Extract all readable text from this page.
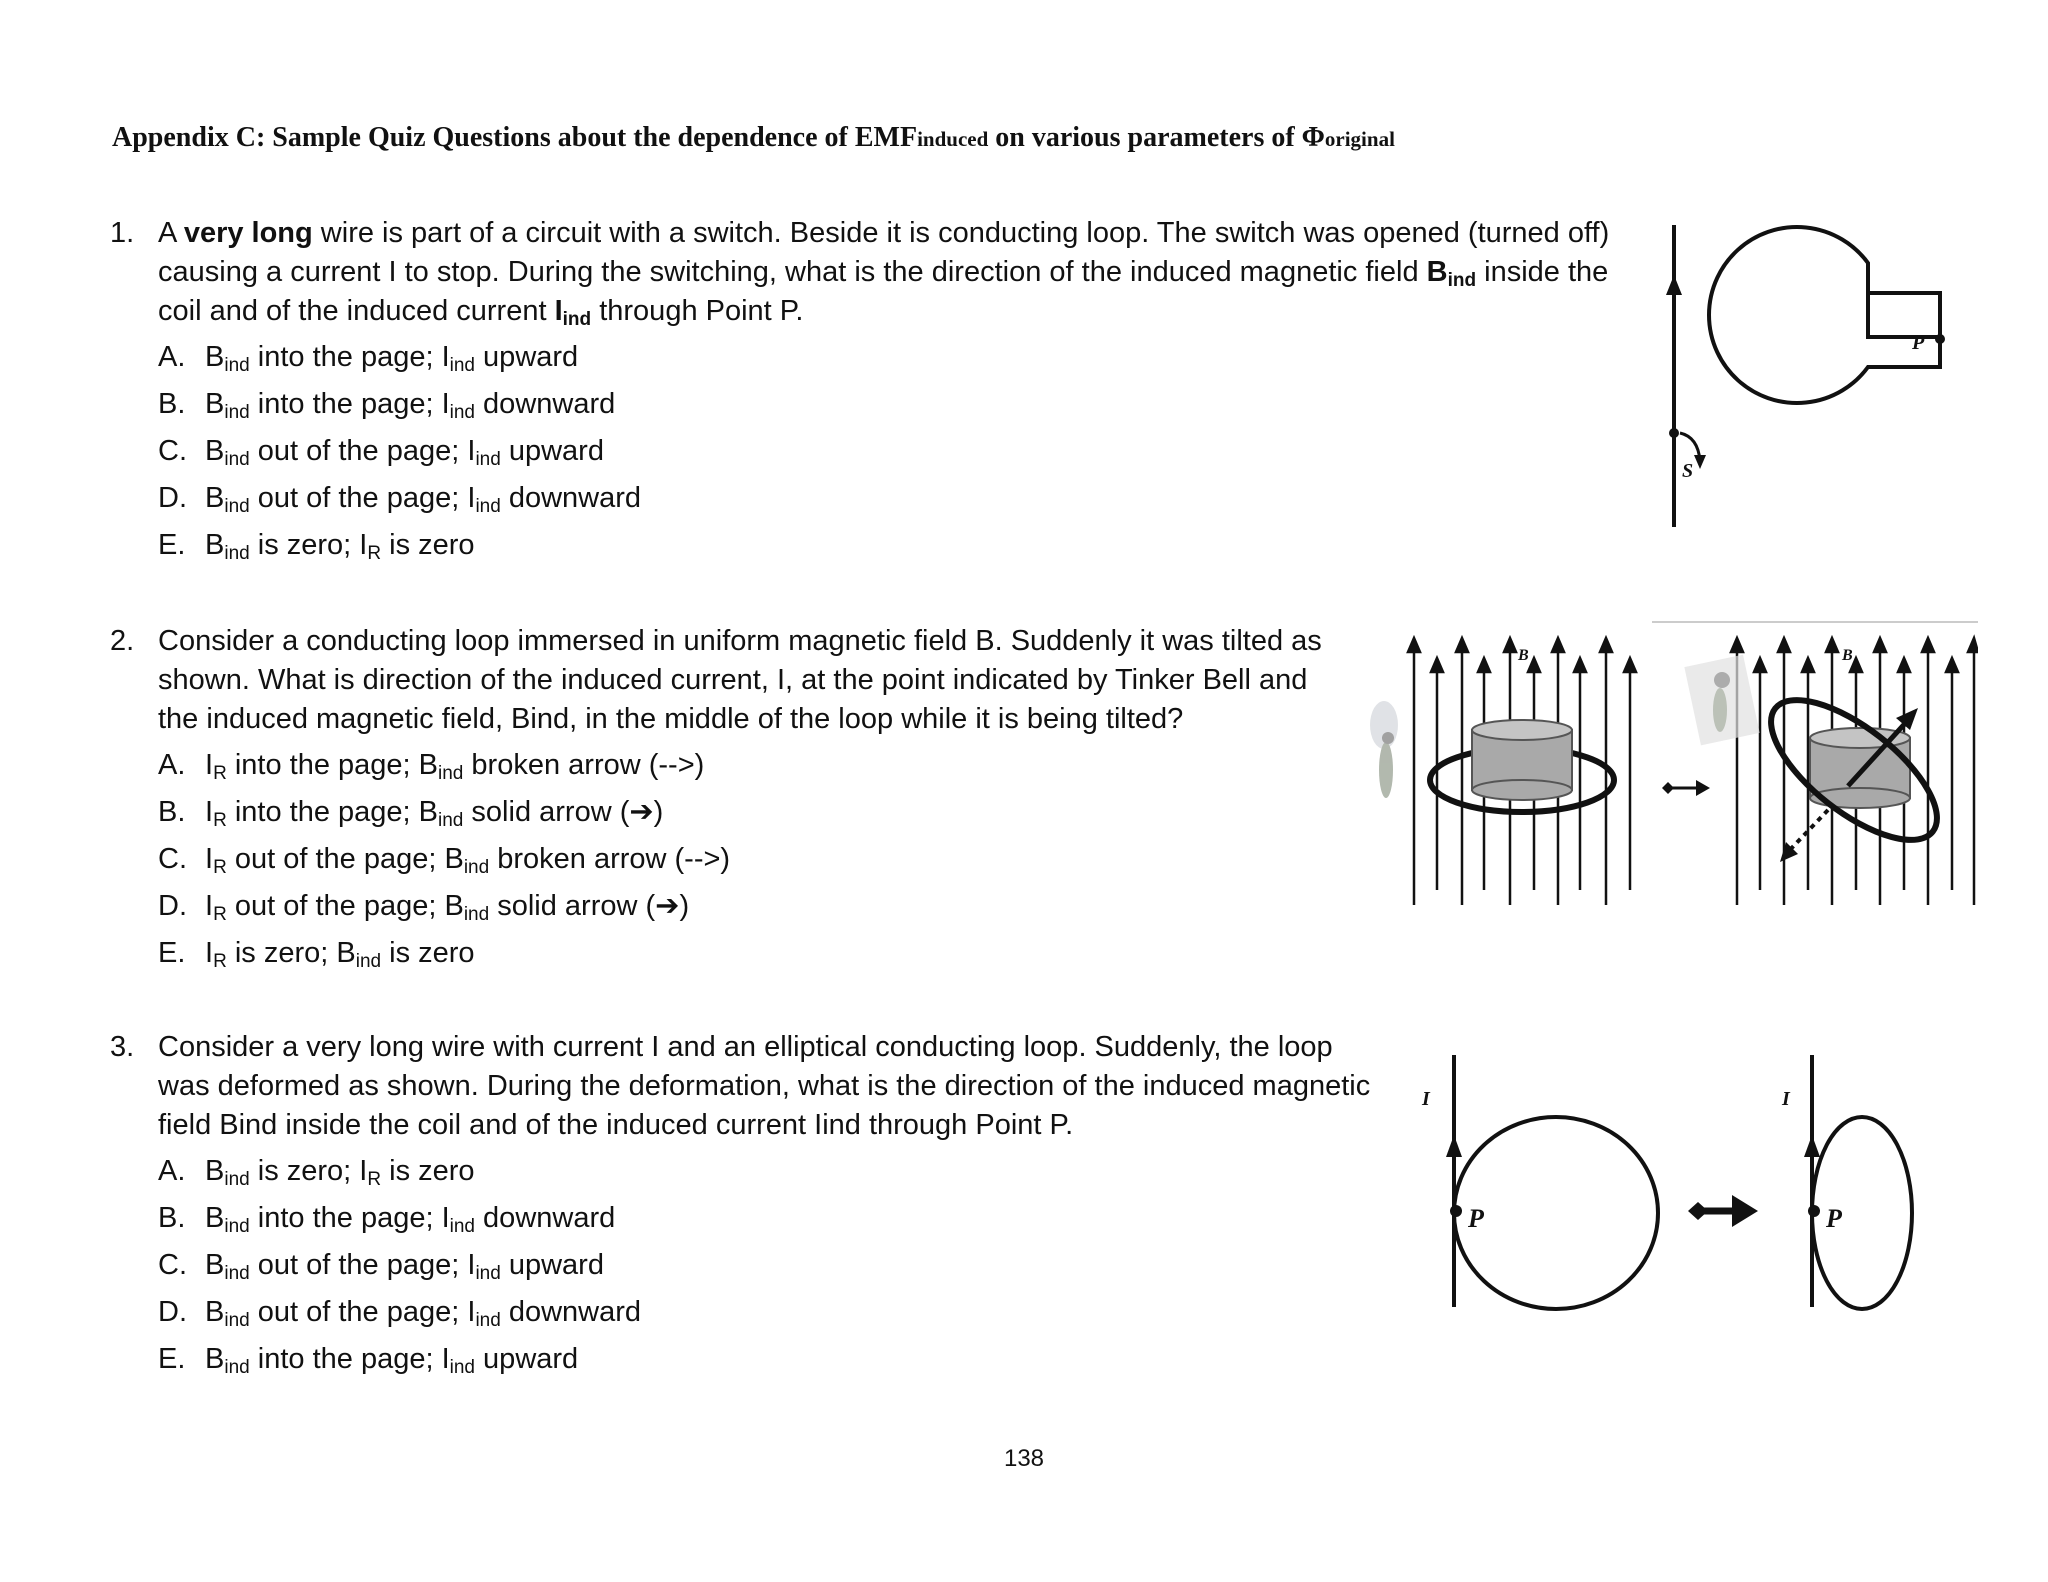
Appendix C: Sample Quiz Questions about the dependence of EMFinduced on various parameters of Φoriginal
1. A very long wire is part of a circuit with a switch. Beside it is conducting loop. The switch was opened (turned off)

causing a current I to stop. During the switching, what is the direction of the induced magnetic field $B_{ind}$ inside the

coil and of the induced current $I_{ind}$ through Point P.

A. $B_{ind}$ into the page; $I_{ind}$ upward
B. $B_{ind}$ into the page; $I_{ind}$ downward
C. $B_{ind}$ out of the page; $I_{ind}$ upward
D. $B_{ind}$ out of the page; $I_{ind}$ downward
E. $B_{ind}$ is zero; $I_R$ is zero
P
S
2. Consider a conducting loop immersed in uniform magnetic field B. Suddenly it was tilted as

shown. What is direction of the induced current, I, at the point indicated by Tinker Bell and

the induced magnetic field, Bind, in the middle of the loop while it is being tilted?

A. $I_R$ into the page; $B_{ind}$ broken arrow (-->)
B. $I_R$ into the page; $B_{ind}$ solid arrow (➔)
C. $I_R$ out of the page; $B_{ind}$ broken arrow (-->)
D. $I_R$ out of the page; $B_{ind}$ solid arrow (➔)
E. $I_R$ is zero; $B_{ind}$ is zero
B	B
3. Consider a very long wire with current I and an elliptical conducting loop. Suddenly, the loop

was deformed as shown. During the deformation, what is the direction of the induced magnetic

field Bind inside the coil and of the induced current Iind through Point P.

A. $B_{ind}$ is zero; $I_R$ is zero
B. $B_{ind}$ into the page; $I_{ind}$ downward
C. $B_{ind}$ out of the page; $I_{ind}$ upward
D. $B_{ind}$ out of the page; $I_{ind}$ downward
E. $B_{ind}$ into the page; $I_{ind}$ upward
I
P
I
P
138
